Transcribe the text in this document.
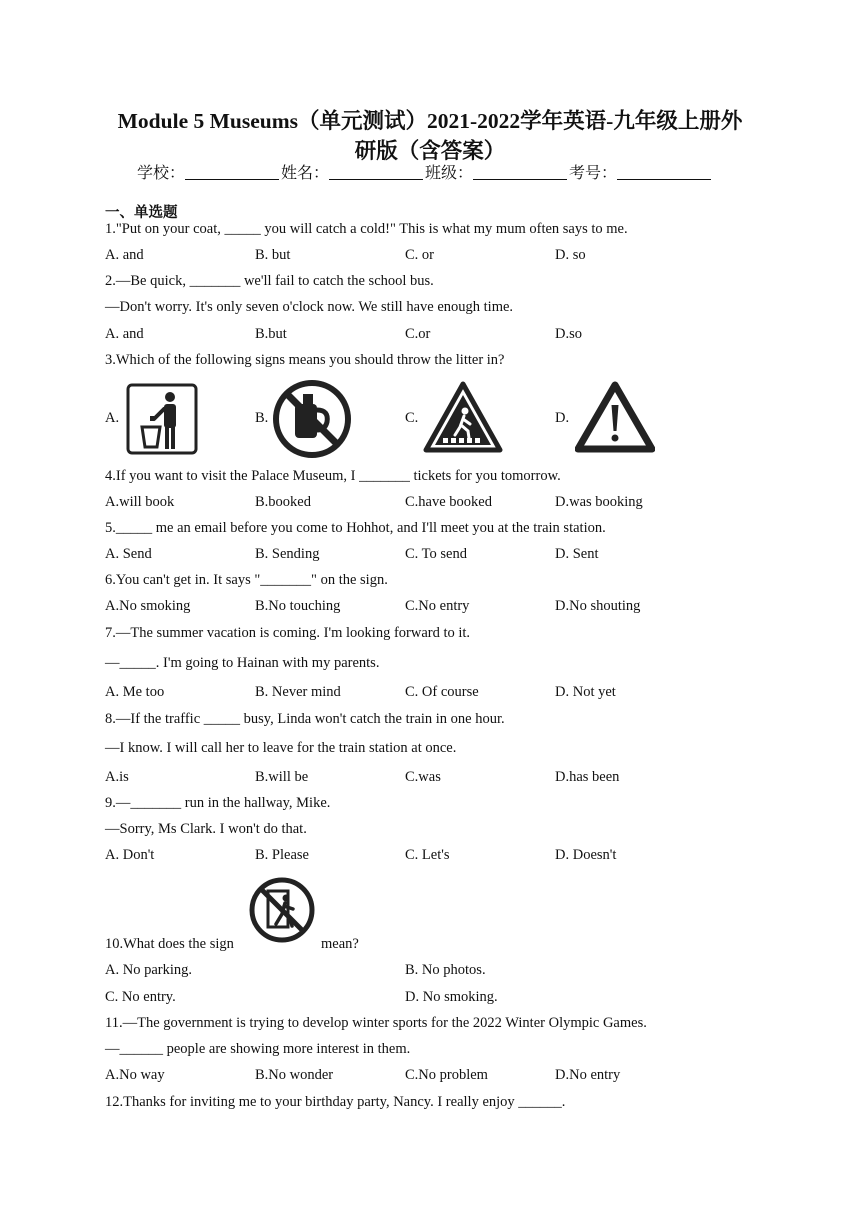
Module 5 Museums（单元测试）2021-2022学年英语-九年级上册外
研版（含答案）
学校：	姓名：	班级：	考号：
一、单选题
1."Put on your coat, _____ you will catch a cold!" This is what my mum often says to me.
A. and	B. but	C. or	D. so
2.—Be quick, _______ we'll fail to catch the school bus.
—Don't worry. It's only seven o'clock now. We still have enough time.
A. and	B.but	C.or	D.so
3.Which of the following signs means you should throw the litter in?
A.	B.	C.	D.
4.If you want to visit the Palace Museum, I _______ tickets for you tomorrow.
A.will book	B.booked	C.have booked	D.was booking
5._____ me an email before you come to Hohhot, and I'll meet you at the train station.
A. Send	B. Sending	C. To send	D. Sent
6.You can't get in. It says "_______" on the sign.
A.No smoking	B.No touching	C.No entry	D.No shouting
7.—The summer vacation is coming. I'm looking forward to it.
—_____. I'm going to Hainan with my parents.
A. Me too	B. Never mind	C. Of course	D. Not yet
8.—If the traffic _____ busy, Linda won't catch the train in one hour.
—I know. I will call her to leave for the train station at once.
A.is	B.will be	C.was	D.has been
9.—_______ run in the hallway, Mike.
—Sorry, Ms Clark. I won't do that.
A. Don't	B. Please	C. Let's	D. Doesn't
10.What does the sign	mean?
A. No parking.	B. No photos.
C. No entry.	D. No smoking.
11.—The government is trying to develop winter sports for the 2022 Winter Olympic Games.
—______ people are showing more interest in them.
A.No way	B.No wonder	C.No problem	D.No entry
12.Thanks for inviting me to your birthday party, Nancy. I really enjoy ______.
